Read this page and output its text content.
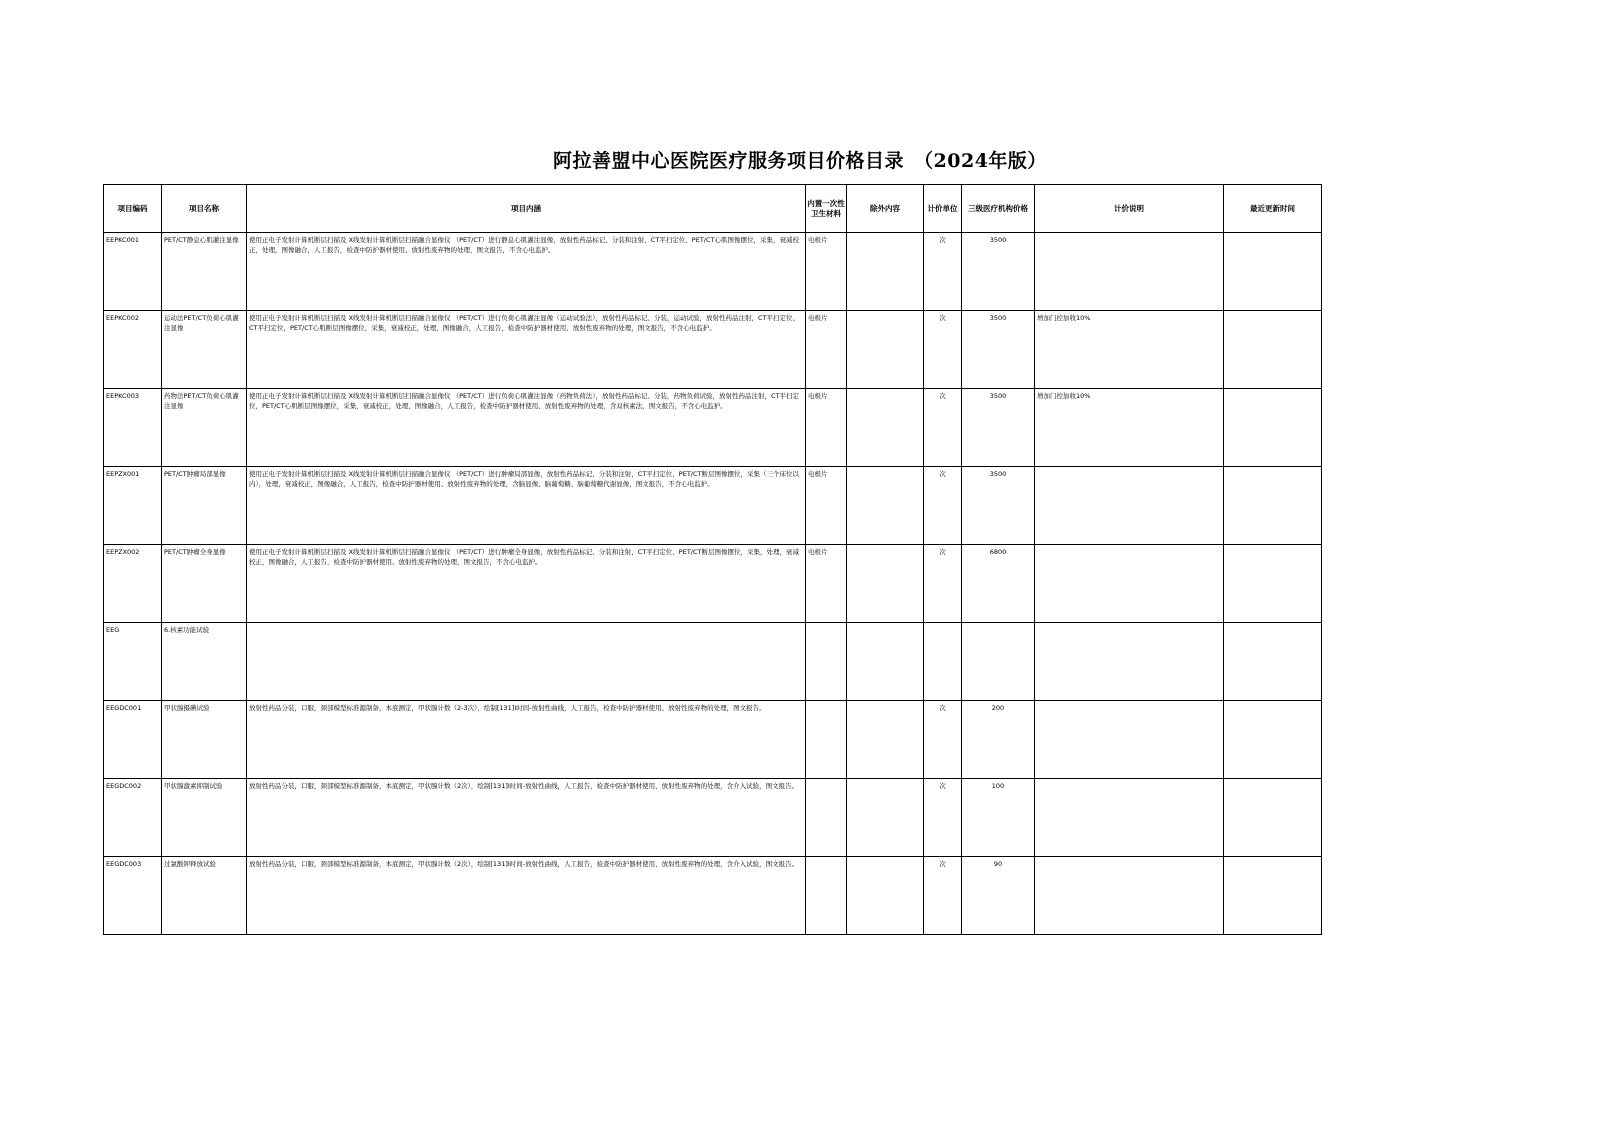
阿拉善盟中心医院医疗服务项目价格目录　（2024年版）
项目编码	项目名称	项目内涵	内置一次性卫生材料	除外内容	计价单位	三级医疗机构价格	计价说明	最近更新时间

EEPKC001	PET/CT静息心肌灌注显像	使用正电子发射计算机断层扫描及 X线发射计算机断层扫描融合显像仪 （PET/CT）进行静息心肌灌注显像，放射性药品标记、分装和注射，CT平扫定位、PET/CT心肌图像摆位，采集，衰减校正，处理，图像融合，人工报告，检查中防护器材使用、放射性废弃物的处理，图文报告，不含心电监护。	电极片		次	3500		

EEPKC002	运动法PET/CT负荷心肌灌注显像	使用正电子发射计算机断层扫描及 X线发射计算机断层扫描融合显像仪 （PET/CT）进行负荷心肌灌注显像（运动试验法），放射性药品标记、分装，运动试验，放射性药品注射，CT平扫定位、CT平扫定位，PET/CT心肌断层图像摆位，采集，衰减校正，处理，图像融合，人工报告，检查中防护器材使用、放射性废弃物的处理，图文报告，不含心电监护。	电极片		次	3500	增加门控加收10%	

EEPKC003	药物法PET/CT负荷心肌灌注显像	使用正电子发射计算机断层扫描及 X线发射计算机断层扫描融合显像仪 （PET/CT）进行负荷心肌灌注显像（药物负荷法），放射性药品标记、分装，药物负荷试验，放射性药品注射，CT平扫定位，PET/CT心肌断层图像摆位，采集，衰减校正，处理，图像融合，人工报告，检查中防护器材使用、放射性废弃物的处理，含双核素法，图文报告，不含心电监护。	电极片		次	3500	增加门控加收10%	

EEPZX001	PET/CT肿瘤局部显像	使用正电子发射计算机断层扫描及 X线发射计算机断层扫描融合显像仪 （PET/CT）进行肿瘤局部显像，放射性药品标记，分装和注射，CT平扫定位、PET/CT断层图像摆位，采集（三个床位以内），处理，衰减校正，图像融合，人工报告，检查中防护器材使用、放射性废弃物的处理，含脑显像、脑葡萄糖、脑葡萄糖代谢显像，图文报告，不含心电监护。	电极片		次	3500		

EEPZX002	PET/CT肿瘤全身显像	使用正电子发射计算机断层扫描及 X线发射计算机断层扫描融合显像仪 （PET/CT）进行肿瘤全身显像，放射性药品标记、分装和注射，CT平扫定位、PET/CT断层图像摆位，采集，处理，衰减校正，图像融合，人工报告，检查中防护器材使用、放射性废弃物的处理，图文报告，不含心电监护。	电极片		次	6800		

EEG	6.核素功能试验							

EEGDC001	甲状腺摄碘试验	放射性药品分装，口服，颈部模型标准源制备，本底测定，甲状腺计数（2-3次），绘制[131]I时间-放射性曲线，人工报告，检查中防护器材使用、放射性废弃物的处理，图文报告。			次	200		

EEGDC002	甲状腺激素抑制试验	放射性药品分装，口服，颈部模型标准源制备，本底测定，甲状腺计数（2次），绘制[131]I时间-放射性曲线，人工报告，检查中防护器材使用、放射性废弃物的处理，含介入试验，图文报告。			次	100		

EEGDC003	过氯酸钾释放试验	放射性药品分装，口服，颈部模型标准源制备，本底测定，甲状腺计数（2次），绘制[131]I时间-放射性曲线，人工报告，检查中防护器材使用、放射性废弃物的处理，含介入试验，图文报告。			次	90		
